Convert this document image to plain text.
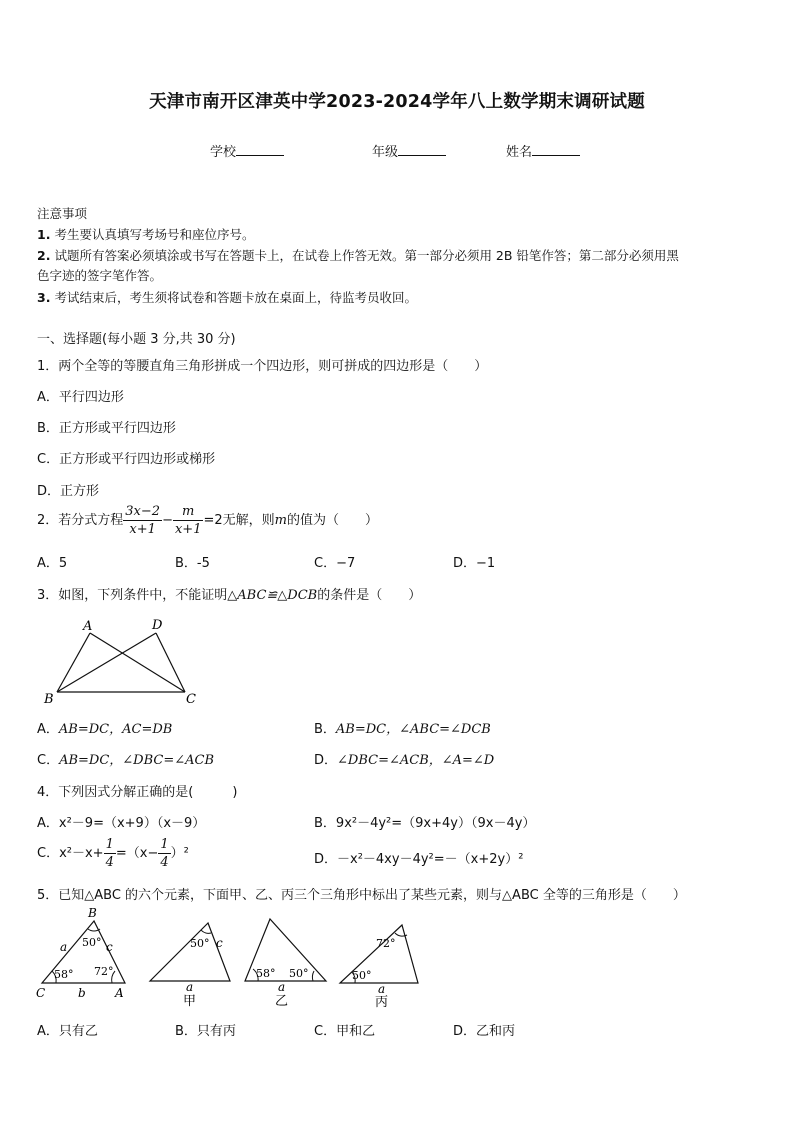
天津市南开区津英中学2023-2024学年八上数学期末调研试题
学校	年级	姓名
注意事项
1. 考生要认真填写考场号和座位序号。
2. 试题所有答案必须填涂或书写在答题卡上，在试卷上作答无效。第一部分必须用 2B 铅笔作答；第二部分必须用黑
色字迹的签字笔作答。
3. 考试结束后，考生须将试卷和答题卡放在桌面上，待监考员收回。
一、选择题(每小题 3 分,共 30 分)
1．两个全等的等腰直角三角形拼成一个四边形，则可拼成的四边形是（　　）
A．平行四边形
B．正方形或平行四边形
C．正方形或平行四边形或梯形
D．正方形
2．若分式方程 $\frac{3x-2}{x+1} - \frac{m}{x+1} =2$无解，则m的值为（　　）
A．5	B．-5	C．−7	D．−1
3．如图，下列条件中，不能证明△ABC≌△DCB的条件是（　　）
A	D
B	C
A．AB=DC，AC=DB	B．AB=DC，∠ABC=∠DCB
C．AB=DC，∠DBC=∠ACB	D．∠DBC=∠ACB，∠A=∠D
4．下列因式分解正确的是(　　　)
A．x²－9=（x+9）（x－9）	B．9x²－4y²=（9x+4y）（9x－4y）
C．$x^2-x+ \frac{1}{4} =(x- \frac{1}{4} )^2$	D．－x²－4xy－4y²=－（x+2y）²
5．已知△ABC 的六个元素，下面甲、乙、丙三个三角形中标出了某些元素，则与△ABC 全等的三角形是（　　）
B
a	c
b
C	A
50°
58° 72°
50° c
a
甲
58° 50°
a
乙
72°
50°
a
丙
A．只有乙	B．只有丙	C．甲和乙	D．乙和丙
